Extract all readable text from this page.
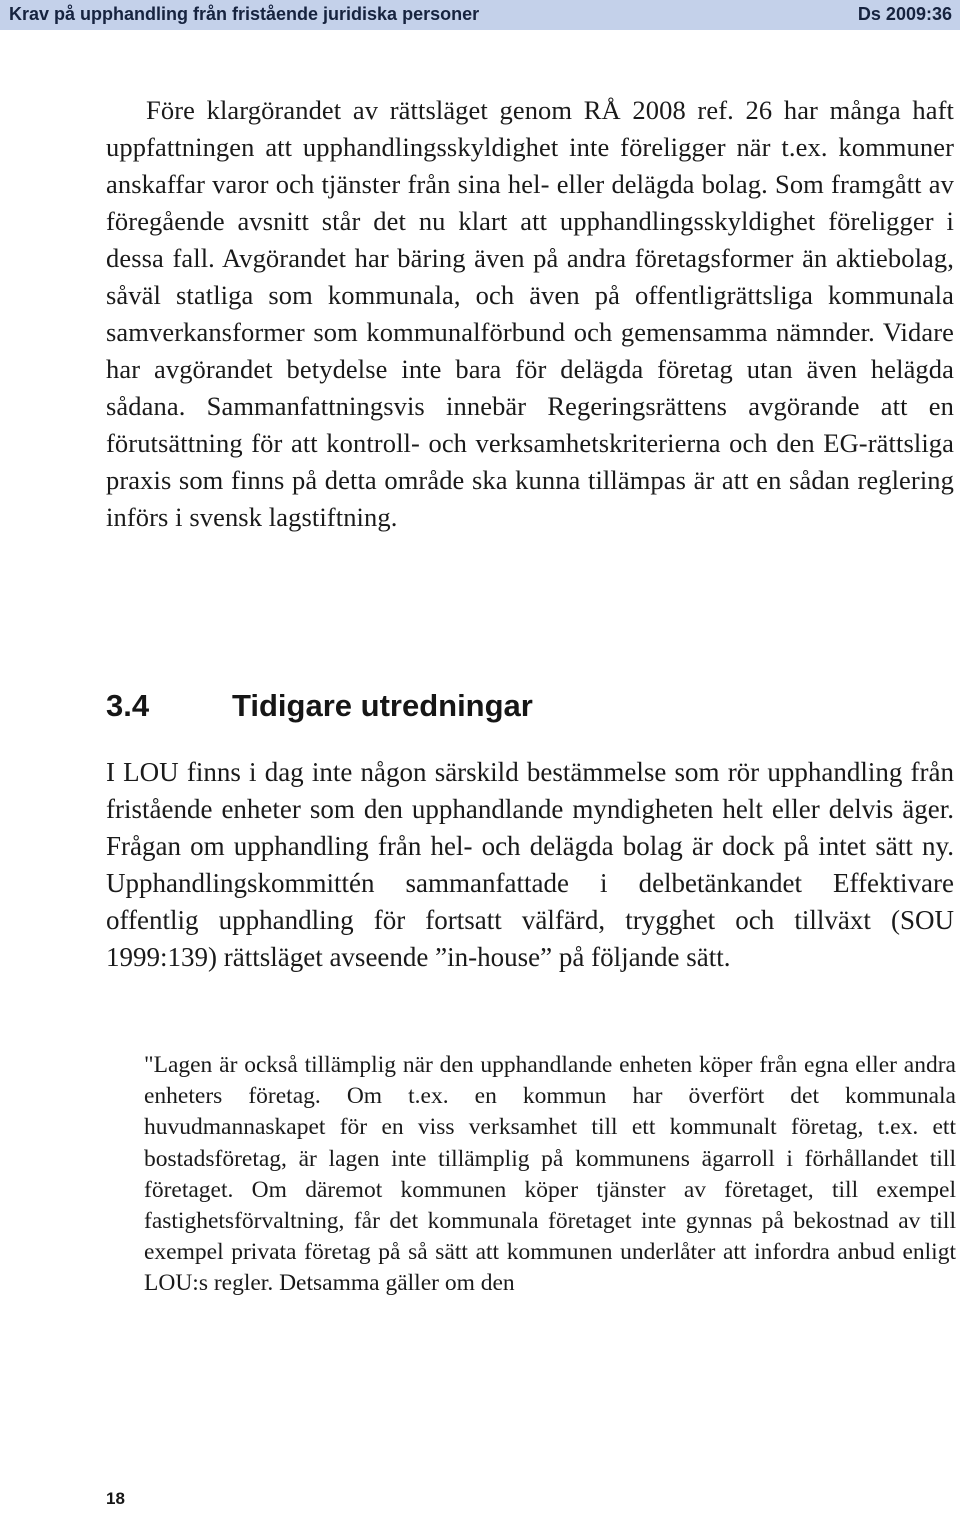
Krav på upphandling från fristående juridiska personer	Ds 2009:36

Före klargörandet av rättsläget genom RÅ 2008 ref. 26 har många haft uppfattningen att upphandlingsskyldighet inte föreligger när t.ex. kommuner anskaffar varor och tjänster från sina hel- eller delägda bolag. Som framgått av föregående avsnitt står det nu klart att upphandlingsskyldighet föreligger i dessa fall. Avgörandet har bäring även på andra företagsformer än aktiebolag, såväl statliga som kommunala, och även på offentligrättsliga kommunala samverkansformer som kommunalförbund och gemensamma nämnder. Vidare har avgörandet betydelse inte bara för delägda företag utan även helägda sådana. Sammanfattningsvis innebär Regeringsrättens avgörande att en förutsättning för att kontroll- och verksamhetskriterierna och den EG-rättsliga praxis som finns på detta område ska kunna tillämpas är att en sådan reglering införs i svensk lagstiftning.

3.4	Tidigare utredningar

I LOU finns i dag inte någon särskild bestämmelse som rör upphandling från fristående enheter som den upphandlande myndigheten helt eller delvis äger. Frågan om upphandling från hel- och delägda bolag är dock på intet sätt ny. Upphandlingskommittén sammanfattade i delbetänkandet Effektivare offentlig upphandling för fortsatt välfärd, trygghet och tillväxt (SOU 1999:139) rättsläget avseende ”in-house” på följande sätt.

"Lagen är också tillämplig när den upphandlande enheten köper från egna eller andra enheters företag. Om t.ex. en kommun har överfört det kommunala huvudmannaskapet för en viss verksamhet till ett kommunalt företag, t.ex. ett bostadsföretag, är lagen inte tillämplig på kommunens ägarroll i förhållandet till företaget. Om däremot kommunen köper tjänster av företaget, till exempel fastighetsförvaltning, får det kommunala företaget inte gynnas på bekostnad av till exempel privata företag på så sätt att kommunen underlåter att infordra anbud enligt LOU:s regler. Detsamma gäller om den

18
